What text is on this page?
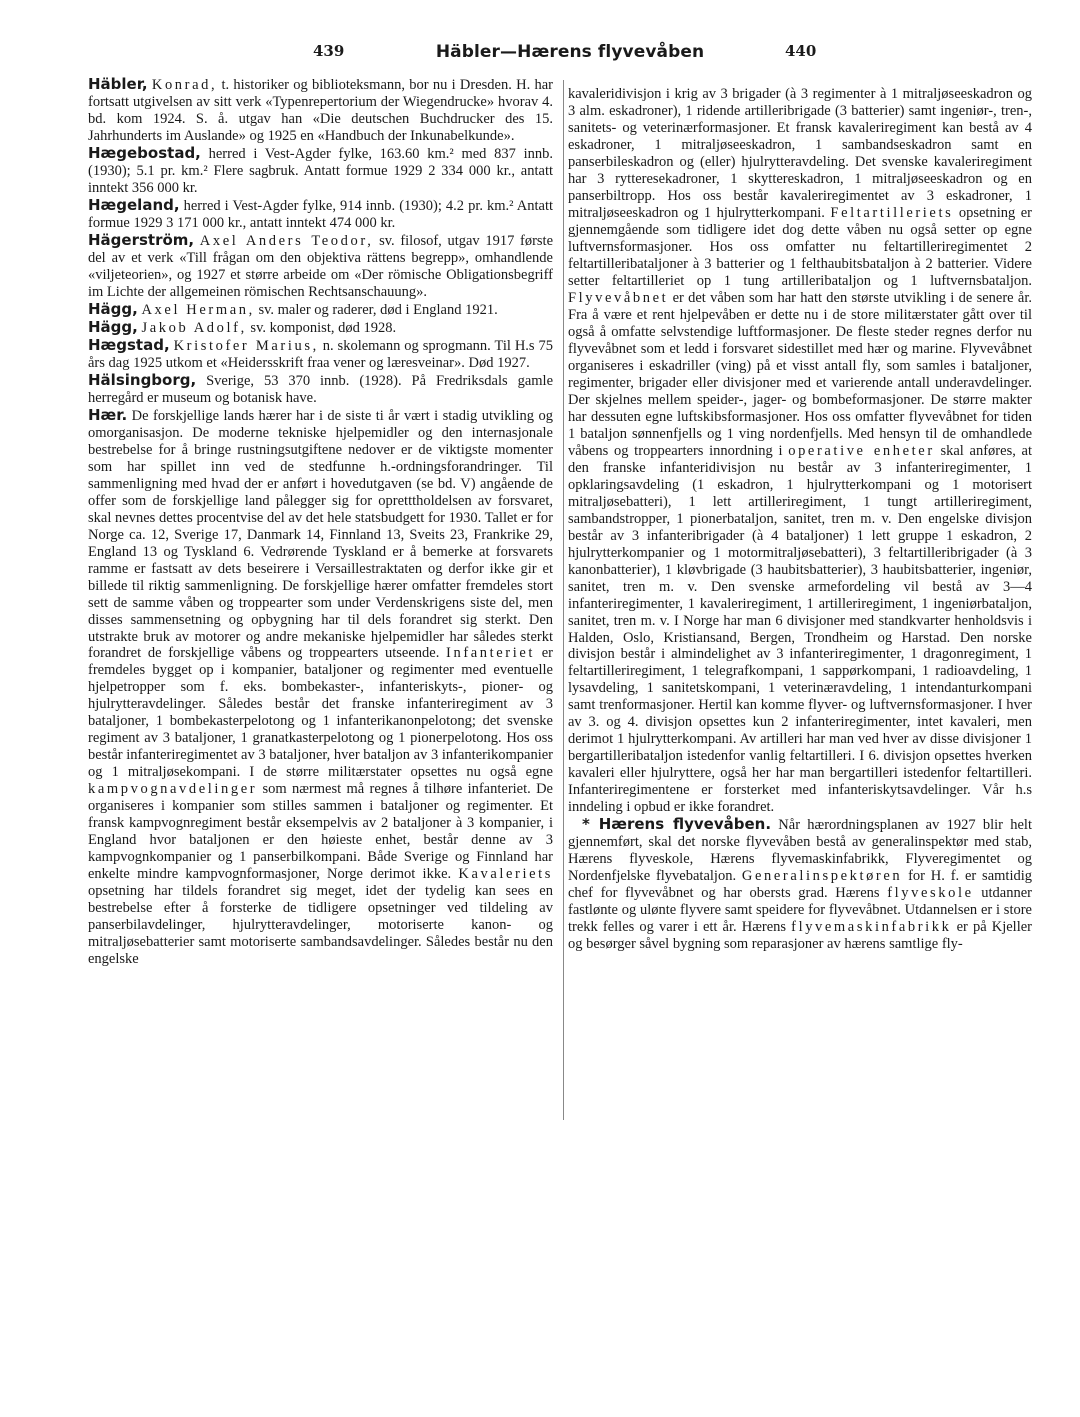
439	Häbler—Hærens flyvevåben	440

Häbler, Konrad, t. historiker og biblioteksmann, bor nu i Dresden. H. har fortsatt utgivelsen av sitt verk «Typenrepertorium der Wiegendrucke» hvorav 4. bd. kom 1924. S. å. utgav han «Die deutschen Buchdrucker des 15. Jahrhunderts im Auslande» og 1925 en «Handbuch der Inkunabelkunde».

Hægebostad, herred i Vest-Agder fylke, 163.60 km.² med 837 innb. (1930); 5.1 pr. km.² Flere sagbruk. Antatt formue 1929 2 334 000 kr., antatt inntekt 356 000 kr.

Hægeland, herred i Vest-Agder fylke, 914 innb. (1930); 4.2 pr. km.² Antatt formue 1929 3 171 000 kr., antatt inntekt 474 000 kr.

Hägerström, Axel Anders Teodor, sv. filosof, utgav 1917 første del av et verk «Till frågan om den objektiva rättens begrepp», omhandlende «viljeteorien», og 1927 et større arbeide om «Der römische Obligationsbegriff im Lichte der allgemeinen römischen Rechtsanschauung».

Hägg, Axel Herman, sv. maler og raderer, død i England 1921.

Hägg, Jakob Adolf, sv. komponist, død 1928.

Hægstad, Kristofer Marius, n. skolemann og sprogmann. Til H.s 75 års dag 1925 utkom et «Heidersskrift fraa vener og læresveinar». Død 1927.

Hälsingborg, Sverige, 53 370 innb. (1928). På Fredriksdals gamle herregård er museum og botanisk have.

Hær. De forskjellige lands hærer har i de siste ti år vært i stadig utvikling og omorganisasjon. De moderne tekniske hjelpemidler og den internasjonale bestrebelse for å bringe rustningsutgiftene nedover er de viktigste momenter som har spillet inn ved de stedfunne h.-ordningsforandringer. Til sammenligning med hvad der er anført i hovedutgaven (se bd. V) angående de offer som de forskjellige land pålegger sig for opretttholdelsen av forsvaret, skal nevnes dettes procentvise del av det hele statsbudgett for 1930. Tallet er for Norge ca. 12, Sverige 17, Danmark 14, Finnland 13, Sveits 23, Frankrike 29, England 13 og Tyskland 6. Vedrørende Tyskland er å bemerke at forsvarets ramme er fastsatt av dets beseirere i Versaillestraktaten og derfor ikke gir et billede til riktig sammenligning. De forskjellige hærer omfatter fremdeles stort sett de samme våben og troppearter som under Verdenskrigens siste del, men disses sammensetning og opbygning har til dels forandret sig sterkt. Den utstrakte bruk av motorer og andre mekaniske hjelpemidler har således sterkt forandret de forskjellige våbens og troppearters utseende. Infanteriet er fremdeles bygget op i kompanier, bataljoner og regimenter med eventuelle hjelpetropper som f. eks. bombekaster-, infanteriskyts-, pioner- og hjulrytteravdelinger. Således består det franske infanteriregiment av 3 bataljoner, 1 bombekasterpelotong og 1 infanterikanonpelotong; det svenske regiment av 3 bataljoner, 1 granatkasterpelotong og 1 pionerpelotong. Hos oss består infanteriregimentet av 3 bataljoner, hver bataljon av 3 infanterikompanier og 1 mitraljøsekompani. I de større militærstater opsettes nu også egne kampvognavdelinger som nærmest må regnes å tilhøre infanteriet. De organiseres i kompanier som stilles sammen i bataljoner og regimenter. Et fransk kampvognregiment består eksempelvis av 2 bataljoner à 3 kompanier, i England hvor bataljonen er den høieste enhet, består denne av 3 kampvognkompanier og 1 panserbilkompani. Både Sverige og Finnland har enkelte mindre kampvognformasjoner, Norge derimot ikke. Kavaleriets opsetning har tildels forandret sig meget, idet der tydelig kan sees en bestrebelse efter å forsterke de tidligere opsetninger ved tildeling av panserbilavdelinger, hjulrytteravdelinger, motoriserte kanon- og mitraljøsebatterier samt motoriserte sambandsavdelinger. Således består nu den engelske

kavaleridivisjon i krig av 3 brigader (à 3 regimenter à 1 mitraljøseeskadron og 3 alm. eskadroner), 1 ridende artilleribrigade (3 batterier) samt ingeniør-, tren-, sanitets- og veterinærformasjoner. Et fransk kavaleriregiment kan bestå av 4 eskadroner, 1 mitraljøseeskadron, 1 sambandseskadron samt en panserbileskadron og (eller) hjulrytteravdeling. Det svenske kavaleriregiment har 3 rytteresekadroner, 1 skyttereskadron, 1 mitraljøseeskadron og en panserbiltropp. Hos oss består kavaleriregimentet av 3 eskadroner, 1 mitraljøseeskadron og 1 hjulrytterkompani. Feltartilleriets opsetning er gjennemgående som tidligere idet dog dette våben nu også setter op egne luftvernsformasjoner. Hos oss omfatter nu feltartilleriregimentet 2 feltartilleribataljoner à 3 batterier og 1 felthaubitsbataljon à 2 batterier. Videre setter feltartilleriet op 1 tung artilleribataljon og 1 luftvernsbataljon. Flyvevåbnet er det våben som har hatt den største utvikling i de senere år. Fra å være et rent hjelpevåben er dette nu i de store militærstater gått over til også å omfatte selvstendige luftformasjoner. De fleste steder regnes derfor nu flyvevåbnet som et ledd i forsvaret sidestillet med hær og marine. Flyvevåbnet organiseres i eskadriller (ving) på et visst antall fly, som samles i bataljoner, regimenter, brigader eller divisjoner med et varierende antall underavdelinger. Der skjelnes mellem speider-, jager- og bombeformasjoner. De større makter har dessuten egne luftskibsformasjoner. Hos oss omfatter flyvevåbnet for tiden 1 bataljon sønnenfjells og 1 ving nordenfjells. Med hensyn til de omhandlede våbens og troppearters innordning i operative enheter skal anføres, at den franske infanteridivisjon nu består av 3 infanteriregimenter, 1 opklaringsavdeling (1 eskadron, 1 hjulrytterkompani og 1 motorisert mitraljøsebatteri), 1 lett artilleriregiment, 1 tungt artilleriregiment, sambandstropper, 1 pionerbataljon, sanitet, tren m. v. Den engelske divisjon består av 3 infanteribrigader (à 4 bataljoner) 1 lett gruppe 1 eskadron, 2 hjulrytterkompanier og 1 motormitraljøsebatteri), 3 feltartilleribrigader (à 3 kanonbatterier), 1 kløvbrigade (3 haubitsbatterier), 3 haubitsbatterier, ingeniør, sanitet, tren m. v. Den svenske armefordeling vil bestå av 3—4 infanteriregimenter, 1 kavaleriregiment, 1 artilleriregiment, 1 ingeniørbataljon, sanitet, tren m. v. I Norge har man 6 divisjoner med standkvarter henholdsvis i Halden, Oslo, Kristiansand, Bergen, Trondheim og Harstad. Den norske divisjon består i almindelighet av 3 infanteriregimenter, 1 dragonregiment, 1 feltartilleriregiment, 1 telegrafkompani, 1 sappørkompani, 1 radioavdeling, 1 lysavdeling, 1 sanitetskompani, 1 veterinæravdeling, 1 intendanturkompani samt trenformasjoner. Hertil kan komme flyver- og luftvernsformasjoner. I hver av 3. og 4. divisjon opsettes kun 2 infanteriregimenter, intet kavaleri, men derimot 1 hjulrytterkompani. Av artilleri har man ved hver av disse divisjoner 1 bergartilleribataljon istedenfor vanlig feltartilleri. I 6. divisjon opsettes hverken kavaleri eller hjulryttere, også her har man bergartilleri istedenfor feltartilleri. Infanteriregimentene er forsterket med infanteriskytsavdelinger. Vår h.s inndeling i opbud er ikke forandret.

* Hærens flyvevåben. Når hærordningsplanen av 1927 blir helt gjennemført, skal det norske flyvevåben bestå av generalinspektør med stab, Hærens flyveskole, Hærens flyvemaskinfabrikk, Flyveregimentet og Nordenfjelske flyvebataljon. Generalinspektøren for H. f. er samtidig chef for flyvevåbnet og har obersts grad. Hærens flyveskole utdanner fastlønte og ulønte flyvere samt speidere for flyvevåbnet. Utdannelsen er i store trekk felles og varer i ett år. Hærens flyvemaskinfabrikk er på Kjeller og besørger såvel bygning som reparasjoner av hærens samtlige fly-
